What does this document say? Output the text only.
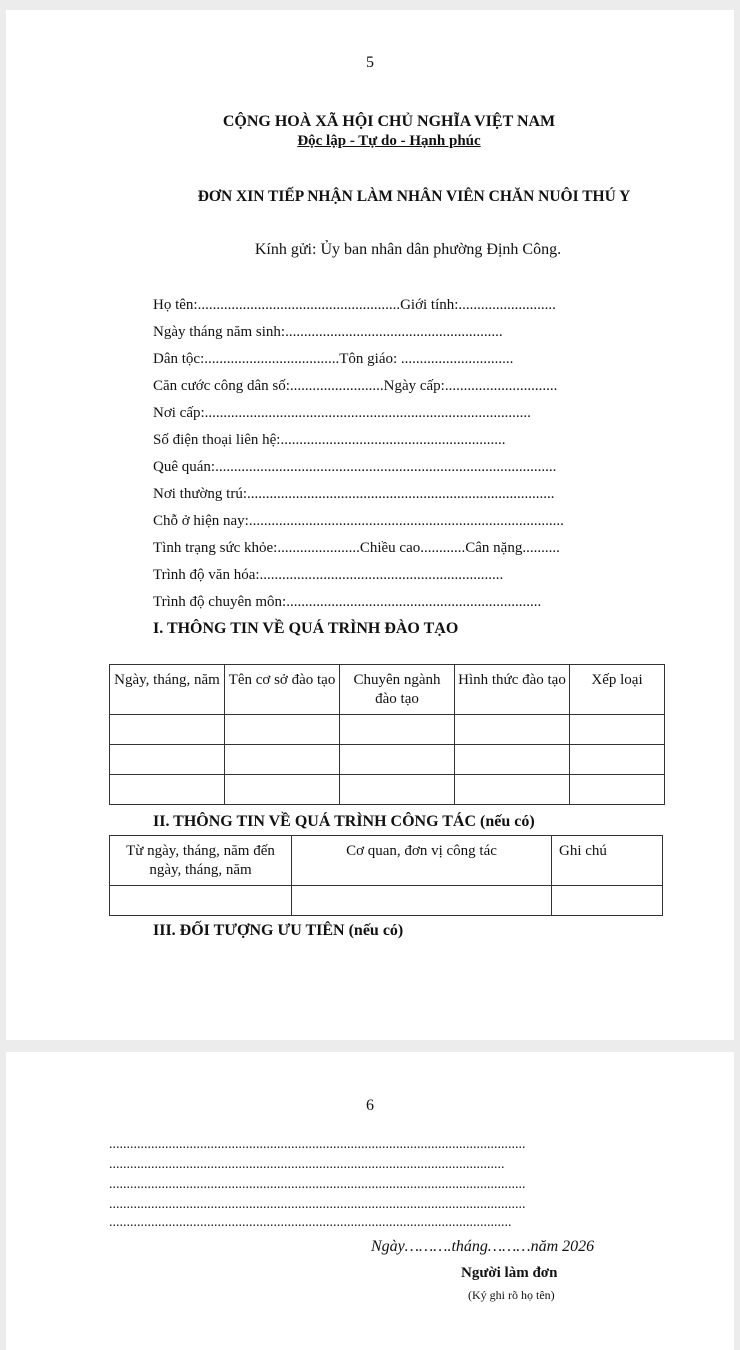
5
CỘNG HOÀ XÃ HỘI CHỦ NGHĨA VIỆT NAM
Độc lập - Tự do - Hạnh phúc
ĐƠN XIN TIẾP NHẬN LÀM NHÂN VIÊN CHĂN NUÔI THÚ Y
Kính gửi: Ủy ban nhân dân phường Định Công.
Họ tên:......................................................Giới tính:..........................
Ngày tháng năm sinh:..........................................................
Dân tộc:....................................Tôn giáo: ..............................
Căn cước công dân số:.........................Ngày cấp:..............................
Nơi cấp:.......................................................................................
Số điện thoại liên hệ:............................................................
Quê quán:...........................................................................................
Nơi thường trú:..................................................................................
Chỗ ở hiện nay:....................................................................................
Tình trạng sức khỏe:......................Chiều cao............Cân nặng..........
Trình độ văn hóa:.................................................................
Trình độ chuyên môn:....................................................................
I. THÔNG TIN VỀ QUÁ TRÌNH ĐÀO TẠO
Ngày, tháng, năm	Tên cơ sở đào tạo	Chuyên ngành đào tạo	Hình thức đào tạo	Xếp loại

II. THÔNG TIN VỀ QUÁ TRÌNH CÔNG TÁC (nếu có)
Từ ngày, tháng, năm đến ngày, tháng, năm	Cơ quan, đơn vị công tác	Ghi chú

III. ĐỐI TƯỢNG ƯU TIÊN (nếu có)
6
.......................................................................................................................
.................................................................................................................
.......................................................................................................................
.......................................................................................................................
...................................................................................................................
Ngày……….tháng………năm 2026
Người làm đơn
(Ký ghi rõ họ tên)
